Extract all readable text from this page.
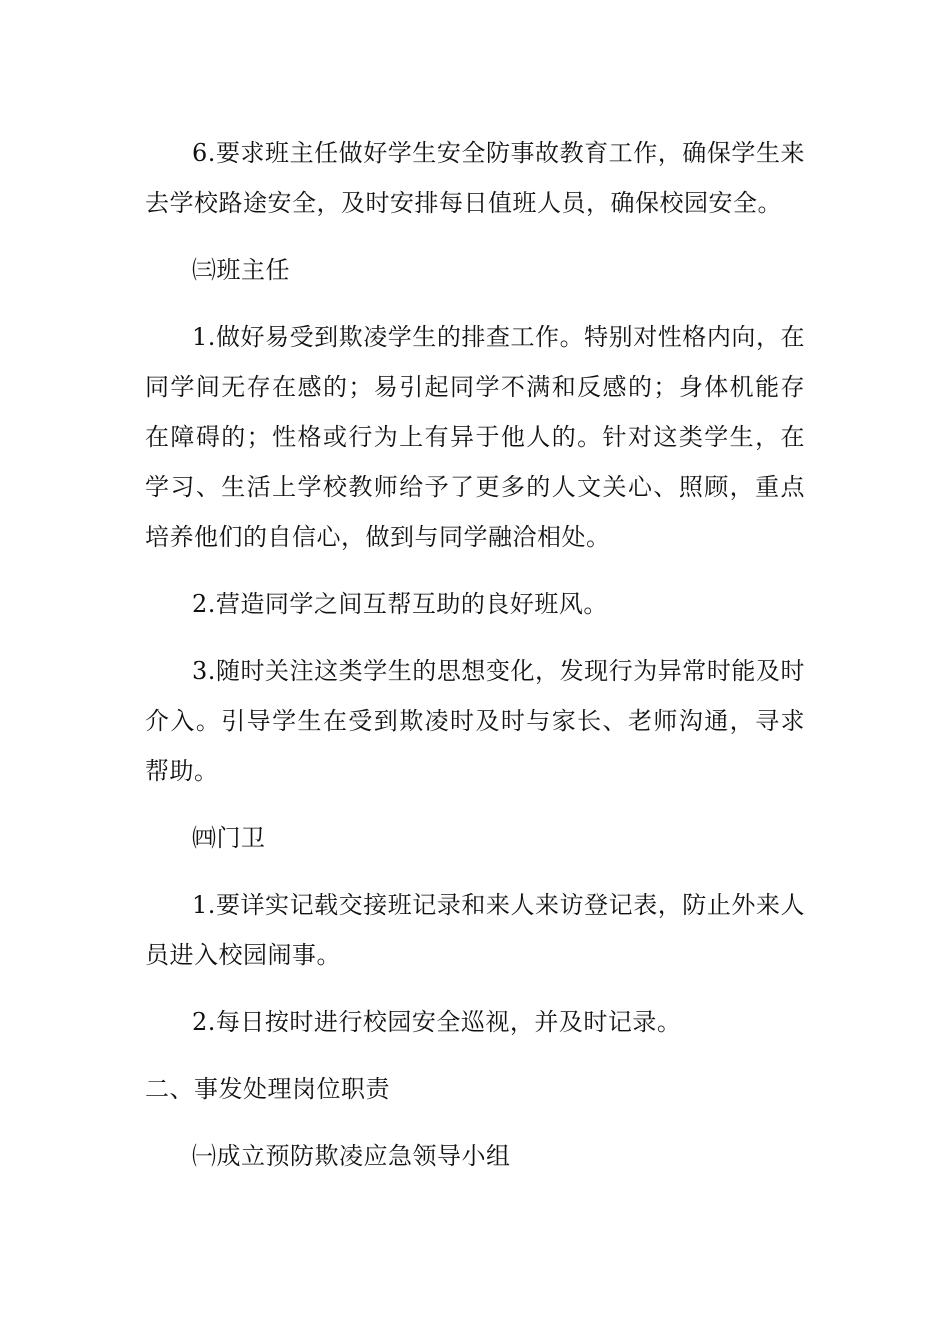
6.要求班主任做好学生安全防事故教育工作，确保学生来去学校路途安全，及时安排每日值班人员，确保校园安全。

㈢班主任

1.做好易受到欺凌学生的排查工作。特别对性格内向，在同学间无存在感的；易引起同学不满和反感的；身体机能存在障碍的；性格或行为上有异于他人的。针对这类学生，在学习、生活上学校教师给予了更多的人文关心、照顾，重点培养他们的自信心，做到与同学融洽相处。

2.营造同学之间互帮互助的良好班风。

3.随时关注这类学生的思想变化，发现行为异常时能及时介入。引导学生在受到欺凌时及时与家长、老师沟通，寻求帮助。

㈣门卫

1.要详实记载交接班记录和来人来访登记表，防止外来人员进入校园闹事。

2.每日按时进行校园安全巡视，并及时记录。

二、事发处理岗位职责

㈠成立预防欺凌应急领导小组
